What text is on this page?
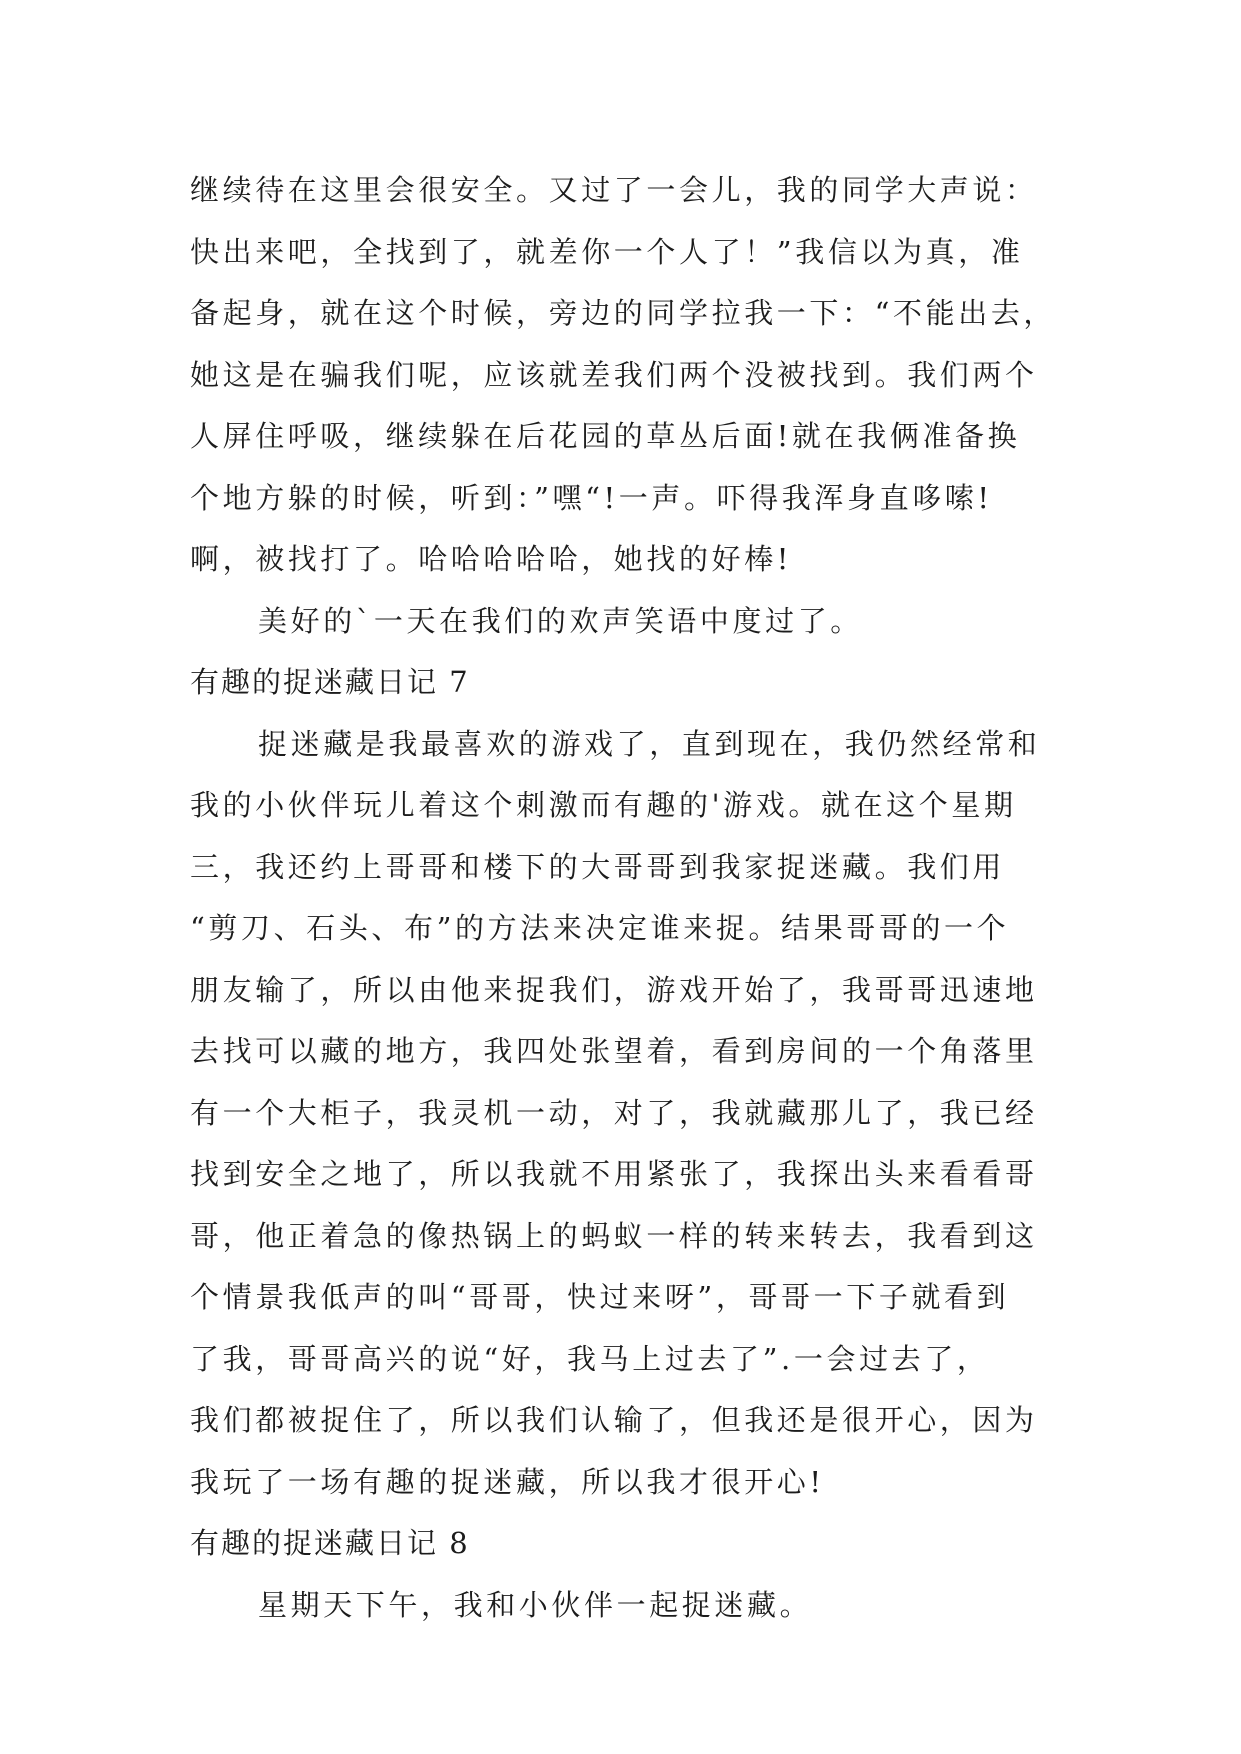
继续待在这里会很安全。又过了一会儿，我的同学大声说：
快出来吧，全找到了，就差你一个人了！”我信以为真，准
备起身，就在这个时候，旁边的同学拉我一下：“不能出去，
她这是在骗我们呢，应该就差我们两个没被找到。我们两个
人屏住呼吸，继续躲在后花园的草丛后面!就在我俩准备换
个地方躲的时候，听到：”嘿“!一声。吓得我浑身直哆嗦!
啊，被找打了。哈哈哈哈哈，她找的好棒!
美好的`一天在我们的欢声笑语中度过了。
有趣的捉迷藏日记 7
捉迷藏是我最喜欢的游戏了，直到现在，我仍然经常和
我的小伙伴玩儿着这个刺激而有趣的'游戏。就在这个星期
三，我还约上哥哥和楼下的大哥哥到我家捉迷藏。我们用
“剪刀、石头、布”的方法来决定谁来捉。结果哥哥的一个
朋友输了，所以由他来捉我们，游戏开始了，我哥哥迅速地
去找可以藏的地方，我四处张望着，看到房间的一个角落里
有一个大柜子，我灵机一动，对了，我就藏那儿了，我已经
找到安全之地了，所以我就不用紧张了，我探出头来看看哥
哥，他正着急的像热锅上的蚂蚁一样的转来转去，我看到这
个情景我低声的叫“哥哥，快过来呀”，哥哥一下子就看到
了我，哥哥高兴的说“好，我马上过去了”.一会过去了，
我们都被捉住了，所以我们认输了，但我还是很开心，因为
我玩了一场有趣的捉迷藏，所以我才很开心!
有趣的捉迷藏日记 8
星期天下午，我和小伙伴一起捉迷藏。
